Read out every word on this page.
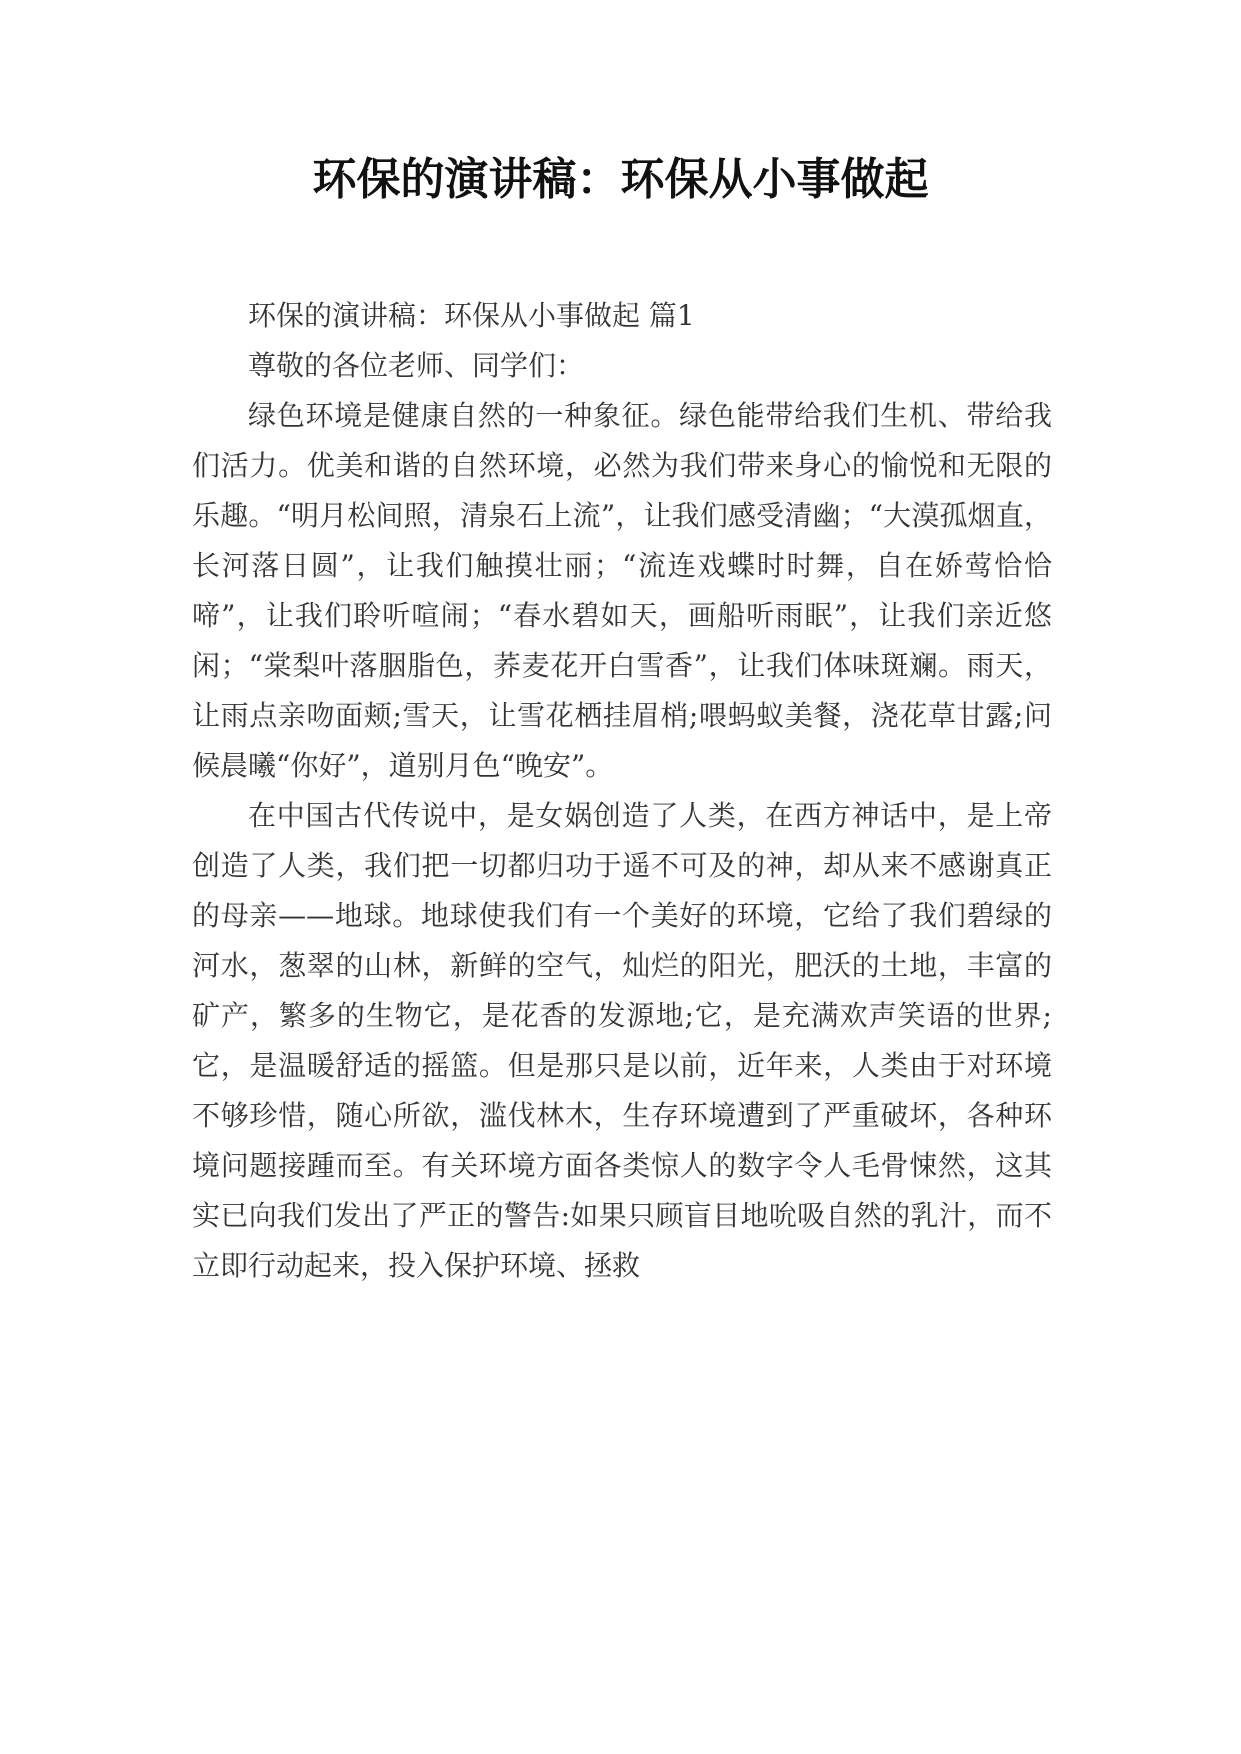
环保的演讲稿：环保从小事做起

环保的演讲稿：环保从小事做起 篇1

尊敬的各位老师、同学们：

绿色环境是健康自然的一种象征。绿色能带给我们生机、带给我们活力。优美和谐的自然环境，必然为我们带来身心的愉悦和无限的乐趣。“明月松间照，清泉石上流”，让我们感受清幽；“大漠孤烟直，长河落日圆”，让我们触摸壮丽；“流连戏蝶时时舞，自在娇莺恰恰啼”，让我们聆听喧闹；“春水碧如天，画船听雨眠”，让我们亲近悠闲；“棠梨叶落胭脂色，荞麦花开白雪香”，让我们体味斑斓。雨天，让雨点亲吻面颊;雪天，让雪花栖挂眉梢;喂蚂蚁美餐，浇花草甘露;问候晨曦“你好”，道别月色“晚安”。

在中国古代传说中，是女娲创造了人类，在西方神话中，是上帝创造了人类，我们把一切都归功于遥不可及的神，却从来不感谢真正的母亲——地球。地球使我们有一个美好的环境，它给了我们碧绿的河水，葱翠的山林，新鲜的空气，灿烂的阳光，肥沃的土地，丰富的矿产，繁多的生物它，是花香的发源地;它，是充满欢声笑语的世界;它，是温暖舒适的摇篮。但是那只是以前，近年来，人类由于对环境不够珍惜，随心所欲，滥伐林木，生存环境遭到了严重破坏，各种环境问题接踵而至。有关环境方面各类惊人的数字令人毛骨悚然，这其实已向我们发出了严正的警告:如果只顾盲目地吮吸自然的乳汁，而不立即行动起来，投入保护环境、拯救
